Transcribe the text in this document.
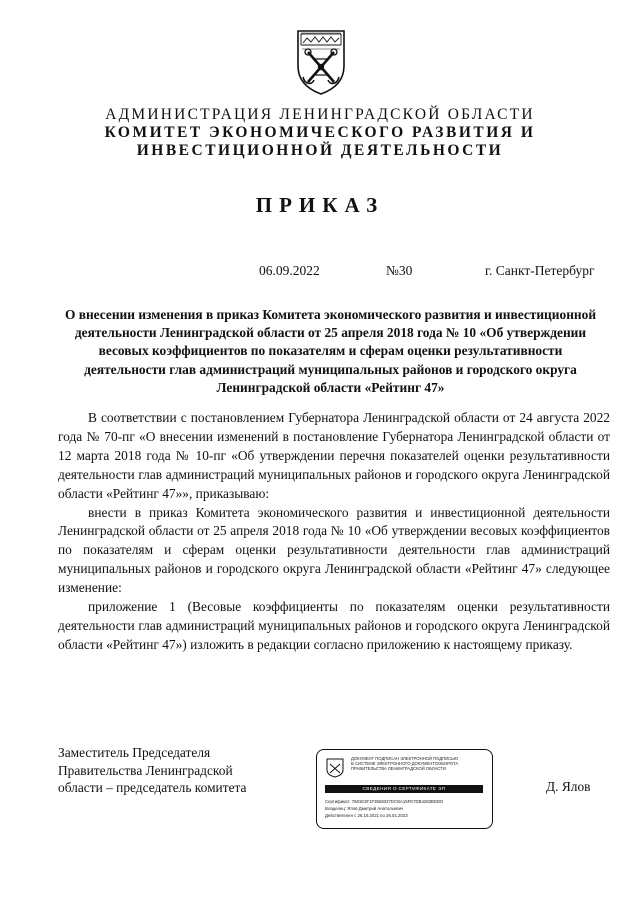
АДМИНИСТРАЦИЯ ЛЕНИНГРАДСКОЙ ОБЛАСТИ
КОМИТЕТ ЭКОНОМИЧЕСКОГО РАЗВИТИЯ И
ИНВЕСТИЦИОННОЙ ДЕЯТЕЛЬНОСТИ
ПРИКАЗ
06.09.2022	№30	г. Санкт-Петербург
О внесении изменения в приказ Комитета экономического развития и инвестиционной деятельности Ленинградской области от 25 апреля 2018 года № 10 «Об утверждении весовых коэффициентов по показателям и сферам оценки результативности деятельности глав администраций муниципальных районов и городского округа Ленинградской области «Рейтинг 47»

В соответствии с постановлением Губернатора Ленинградской области от 24 августа 2022 года № 70-пг «О внесении изменений в постановление Губернатора Ленинградской области от 12 марта 2018 года № 10-пг «Об утверждении перечня показателей оценки результативности деятельности глав администраций муниципальных районов и городского округа Ленинградской области «Рейтинг 47»», приказываю:

внести в приказ Комитета экономического развития и инвестиционной деятельности Ленинградской области от 25 апреля 2018 года № 10 «Об утверждении весовых коэффициентов по показателям и сферам оценки результативности деятельности глав администраций муниципальных районов и городского округа Ленинградской области «Рейтинг 47» следующее изменение:

приложение 1 (Весовые коэффициенты по показателям оценки результативности деятельности глав администраций муниципальных районов и городского округа Ленинградской области «Рейтинг 47») изложить в редакции согласно приложению к настоящему приказу.

Заместитель Председателя
Правительства Ленинградской
области – председатель комитета
ДОКУМЕНТ ПОДПИСАН ЭЛЕКТРОННОЙ ПОДПИСЬЮ
В СИСТЕМЕ ЭЛЕКТРОННОГО ДОКУМЕНТООБОРОТА
ПРАВИТЕЛЬСТВА ЛЕНИНГРАДСКОЙ ОБЛАСТИ
СВЕДЕНИЯ О СЕРТИФИКАТЕ ЭП
Сертификат: 7681E3F1F3558337DCBA15FE7DB4283BDDD
Владелец: Ялов Дмитрий Анатольевич
Действителен с 26.10.2021 по 26.01.2023
Д. Ялов
